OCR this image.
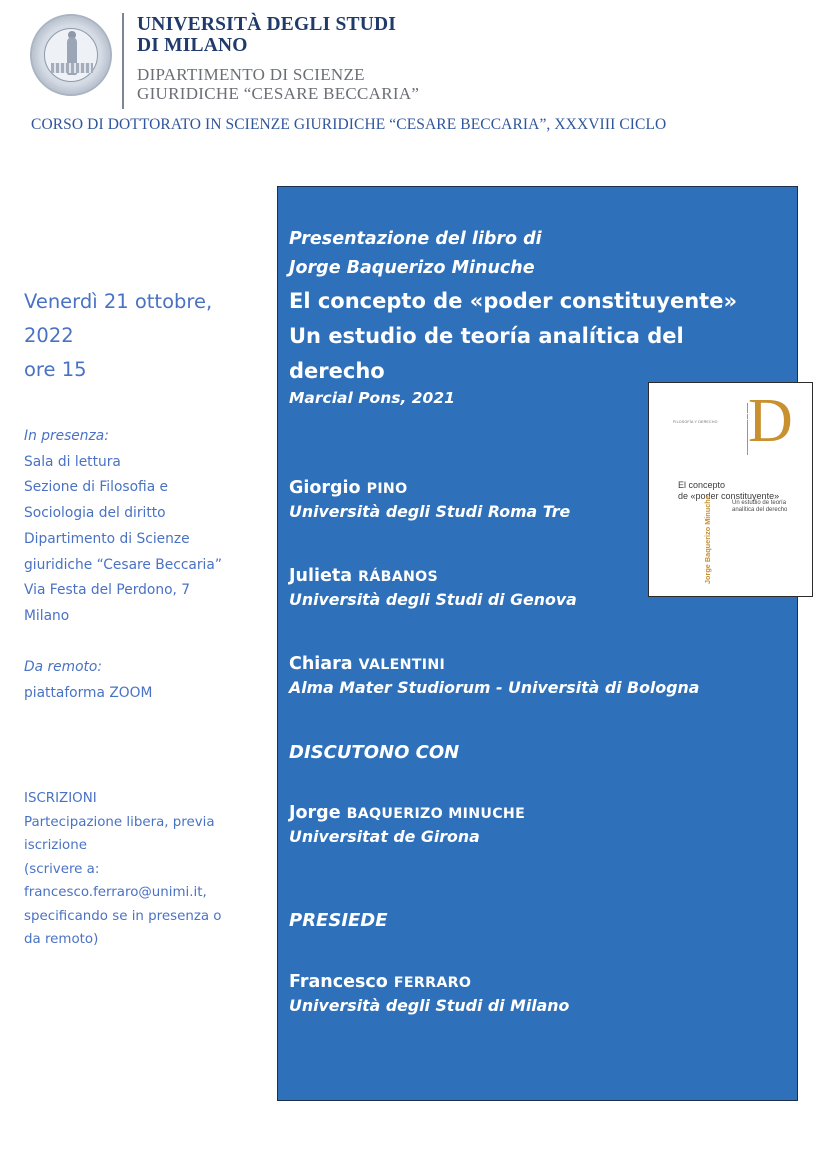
UNIVERSITÀ DEGLI STUDI
DI MILANO
DIPARTIMENTO DI SCIENZE
GIURIDICHE “CESARE BECCARIA”
CORSO DI DOTTORATO IN SCIENZE GIURIDICHE “CESARE BECCARIA”, XXXVIII CICLO
Venerdì 21 ottobre,
2022
ore 15
In presenza:
Sala di lettura
Sezione di Filosofia e
Sociologia del diritto
Dipartimento di Scienze
giuridiche “Cesare Beccaria”
Via Festa del Perdono, 7
Milano
Da remoto:
piattaforma ZOOM
ISCRIZIONI
Partecipazione libera, previa
iscrizione
(scrivere a:
francesco.ferraro@unimi.it,
specificando se in presenza o
da remoto)
Presentazione del libro di
Jorge Baquerizo Minuche
El concepto de «poder constituyente»
Un estudio de teoría analítica del
derecho
Marcial Pons, 2021
Giorgio PINO
Università degli Studi Roma Tre
Julieta RÁBANOS
Università degli Studi di Genova
Chiara VALENTINI
Alma Mater Studiorum - Università di Bologna
DISCUTONO CON
Jorge BAQUERIZO MINUCHE
Universitat de Girona
PRESIEDE
Francesco FERRARO
Università degli Studi di Milano
FILOSOFÍA Y DERECHO D
f
El concepto
de «poder constituyente»
Un estudio de teoría
analítica del derecho
Jorge Baquerizo Minuche
